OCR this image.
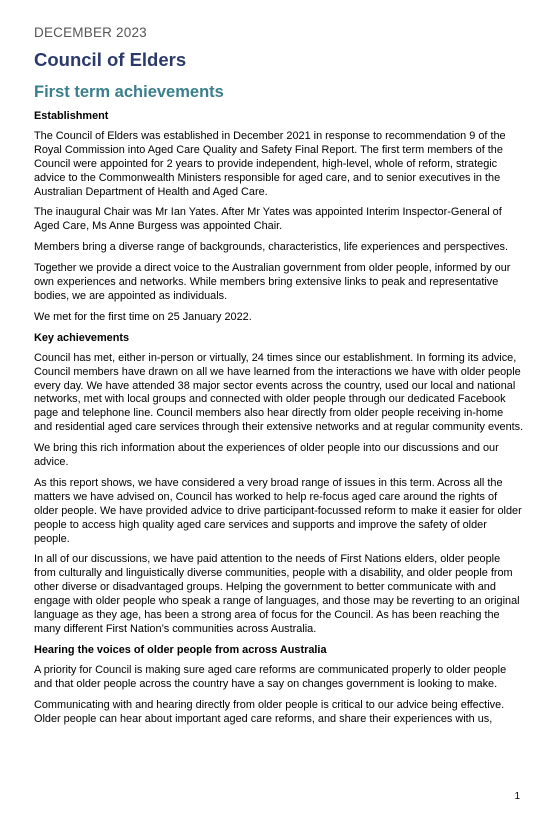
DECEMBER 2023
Council of Elders
First term achievements
Establishment

The Council of Elders was established in December 2021 in response to recommendation 9 of the Royal Commission into Aged Care Quality and Safety Final Report. The first term members of the Council were appointed for 2 years to provide independent, high-level, whole of reform, strategic advice to the Commonwealth Ministers responsible for aged care, and to senior executives in the Australian Department of Health and Aged Care.

The inaugural Chair was Mr Ian Yates. After Mr Yates was appointed Interim Inspector-General of Aged Care, Ms Anne Burgess was appointed Chair.

Members bring a diverse range of backgrounds, characteristics, life experiences and perspectives.

Together we provide a direct voice to the Australian government from older people, informed by our own experiences and networks. While members bring extensive links to peak and representative bodies, we are appointed as individuals.

We met for the first time on 25 January 2022.

Key achievements

Council has met, either in-person or virtually, 24 times since our establishment. In forming its advice, Council members have drawn on all we have learned from the interactions we have with older people every day. We have attended 38 major sector events across the country, used our local and national networks, met with local groups and connected with older people through our dedicated Facebook page and telephone line. Council members also hear directly from older people receiving in-home and residential aged care services through their extensive networks and at regular community events.

We bring this rich information about the experiences of older people into our discussions and our advice.

As this report shows, we have considered a very broad range of issues in this term. Across all the matters we have advised on, Council has worked to help re-focus aged care around the rights of older people. We have provided advice to drive participant-focussed reform to make it easier for older people to access high quality aged care services and supports and improve the safety of older people.

In all of our discussions, we have paid attention to the needs of First Nations elders, older people from culturally and linguistically diverse communities, people with a disability, and older people from other diverse or disadvantaged groups. Helping the government to better communicate with and engage with older people who speak a range of languages, and those may be reverting to an original language as they age, has been a strong area of focus for the Council. As has been reaching the many different First Nation’s communities across Australia.

Hearing the voices of older people from across Australia

A priority for Council is making sure aged care reforms are communicated properly to older people and that older people across the country have a say on changes government is looking to make.

Communicating with and hearing directly from older people is critical to our advice being effective. Older people can hear about important aged care reforms, and share their experiences with us,

1
